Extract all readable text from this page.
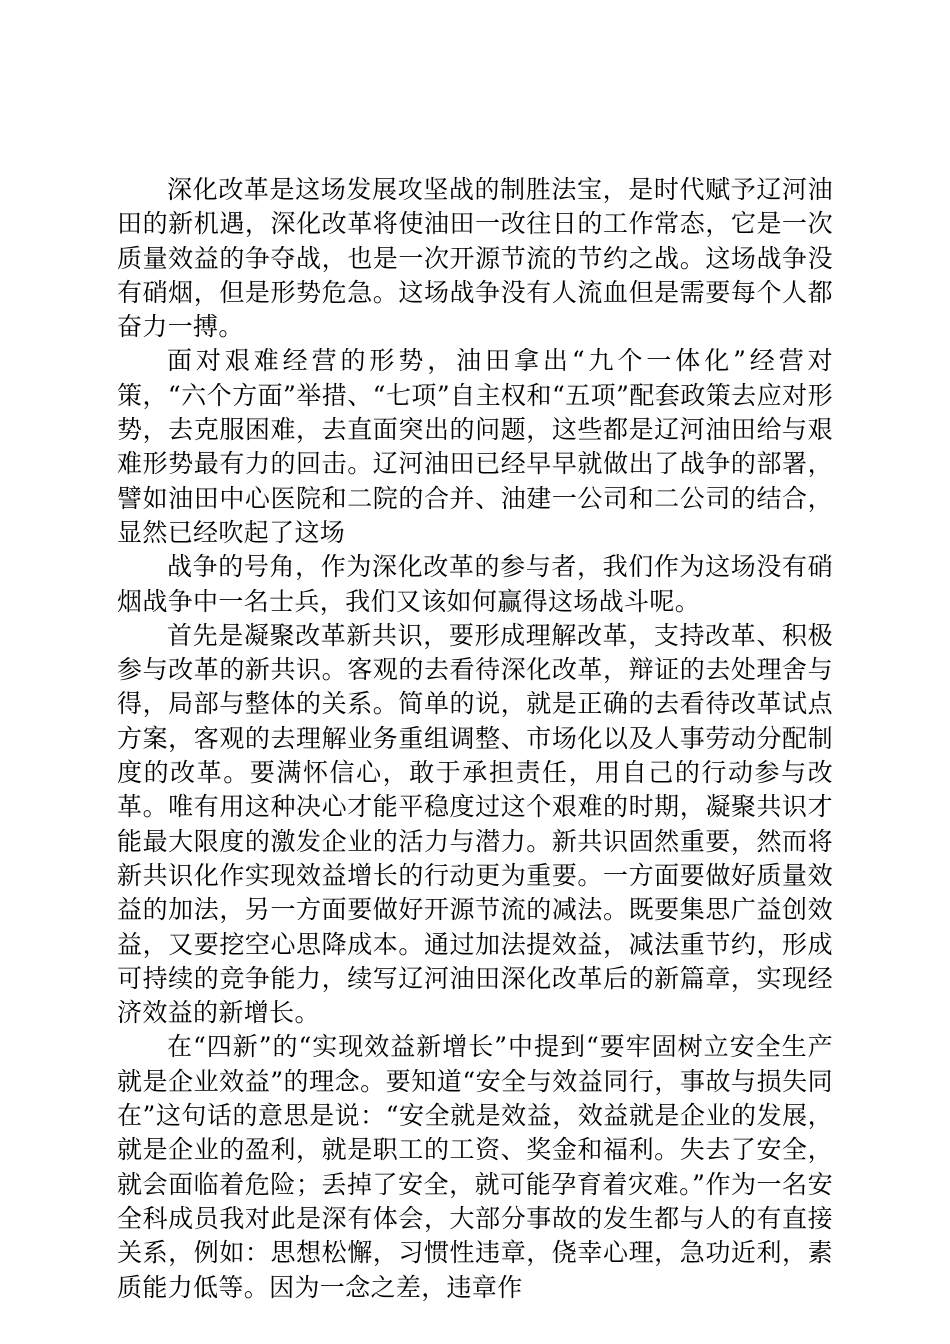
深化改革是这场发展攻坚战的制胜法宝，是时代赋予辽河油田的新机遇，深化改革将使油田一改往日的工作常态，它是一次质量效益的争夺战，也是一次开源节流的节约之战。这场战争没有硝烟，但是形势危急。这场战争没有人流血但是需要每个人都奋力一搏。

面对艰难经营的形势，油田拿出“九个一体化”经营对策，“六个方面”举措、“七项”自主权和“五项”配套政策去应对形势，去克服困难，去直面突出的问题，这些都是辽河油田给与艰难形势最有力的回击。辽河油田已经早早就做出了战争的部署，譬如油田中心医院和二院的合并、油建一公司和二公司的结合，显然已经吹起了这场

战争的号角，作为深化改革的参与者，我们作为这场没有硝烟战争中一名士兵，我们又该如何赢得这场战斗呢。

首先是凝聚改革新共识，要形成理解改革，支持改革、积极参与改革的新共识。客观的去看待深化改革，辩证的去处理舍与得，局部与整体的关系。简单的说，就是正确的去看待改革试点方案，客观的去理解业务重组调整、市场化以及人事劳动分配制度的改革。要满怀信心，敢于承担责任，用自己的行动参与改革。唯有用这种决心才能平稳度过这个艰难的时期，凝聚共识才能最大限度的激发企业的活力与潜力。新共识固然重要，然而将新共识化作实现效益增长的行动更为重要。一方面要做好质量效益的加法，另一方面要做好开源节流的减法。既要集思广益创效益，又要挖空心思降成本。通过加法提效益，减法重节约，形成可持续的竞争能力，续写辽河油田深化改革后的新篇章，实现经济效益的新增长。

在“四新”的“实现效益新增长”中提到“要牢固树立安全生产就是企业效益”的理念。要知道“安全与效益同行，事故与损失同在”这句话的意思是说：“安全就是效益，效益就是企业的发展，就是企业的盈利，就是职工的工资、奖金和福利。失去了安全，就会面临着危险；丢掉了安全，就可能孕育着灾难。”作为一名安全科成员我对此是深有体会，大部分事故的发生都与人的有直接关系，例如：思想松懈，习惯性违章，侥幸心理，急功近利，素质能力低等。因为一念之差，违章作
